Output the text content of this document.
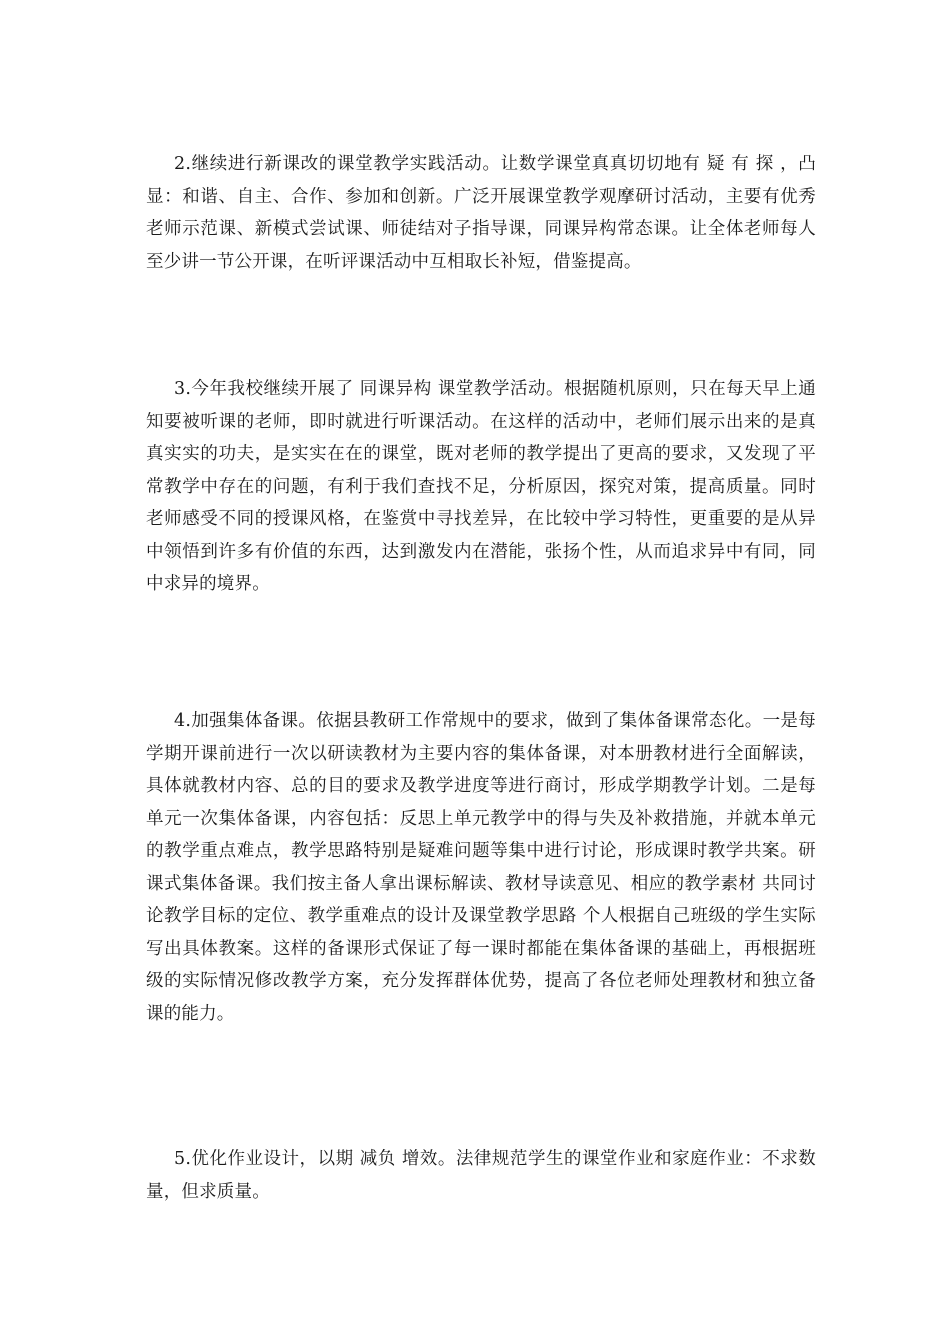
2.继续进行新课改的课堂教学实践活动。让数学课堂真真切切地有 疑 有 探 ，凸显：和谐、自主、合作、参加和创新。广泛开展课堂教学观摩研讨活动，主要有优秀老师示范课、新模式尝试课、师徒结对子指导课，同课异构常态课。让全体老师每人至少讲一节公开课，在听评课活动中互相取长补短，借鉴提高。

3.今年我校继续开展了 同课异构 课堂教学活动。根据随机原则，只在每天早上通知要被听课的老师，即时就进行听课活动。在这样的活动中，老师们展示出来的是真真实实的功夫，是实实在在的课堂，既对老师的教学提出了更高的要求，又发现了平常教学中存在的问题，有利于我们查找不足，分析原因，探究对策，提高质量。同时老师感受不同的授课风格，在鉴赏中寻找差异，在比较中学习特性，更重要的是从异中领悟到许多有价值的东西，达到激发内在潜能，张扬个性，从而追求异中有同，同中求异的境界。

4.加强集体备课。依据县教研工作常规中的要求，做到了集体备课常态化。一是每学期开课前进行一次以研读教材为主要内容的集体备课，对本册教材进行全面解读，具体就教材内容、总的目的要求及教学进度等进行商讨，形成学期教学计划。二是每单元一次集体备课，内容包括：反思上单元教学中的得与失及补救措施，并就本单元的教学重点难点，教学思路特别是疑难问题等集中进行讨论，形成课时教学共案。研课式集体备课。我们按主备人拿出课标解读、教材导读意见、相应的教学素材 共同讨论教学目标的定位、教学重难点的设计及课堂教学思路 个人根据自己班级的学生实际写出具体教案。这样的备课形式保证了每一课时都能在集体备课的基础上，再根据班级的实际情况修改教学方案，充分发挥群体优势，提高了各位老师处理教材和独立备课的能力。

5.优化作业设计，以期 减负 增效。法律规范学生的课堂作业和家庭作业：不求数量，但求质量。
